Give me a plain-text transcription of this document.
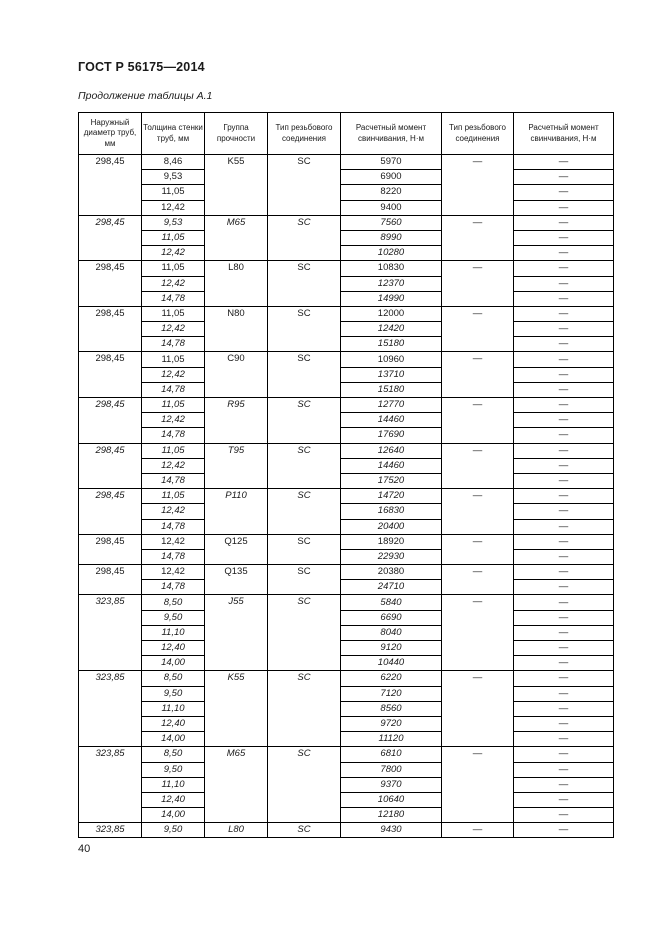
ГОСТ Р 56175—2014
Продолжение таблицы А.1
Наружный диаметр труб, мм	Толщина стенки труб, мм	Группа прочности	Тип резьбового соединения	Расчетный момент свинчивания, Н·м	Тип резьбового соединения	Расчетный момент свинчивания, Н·м
298,45	8,46	K55	SC	5970	—	—
	9,53			6900		—
	11,05			8220		—
	12,42			9400		—
298,45	9,53	M65	SC	7560	—	—
	11,05			8990		—
	12,42			10280		—
298,45	11,05	L80	SC	10830	—	—
	12,42			12370		—
	14,78			14990		—
298,45	11,05	N80	SC	12000	—	—
	12,42			12420		—
	14,78			15180		—
298,45	11,05	C90	SC	10960	—	—
	12,42			13710		—
	14,78			15180		—
298,45	11,05	R95	SC	12770	—	—
	12,42			14460		—
	14,78			17690		—
298,45	11,05	T95	SC	12640	—	—
	12,42			14460		—
	14,78			17520		—
298,45	11,05	P110	SC	14720	—	—
	12,42			16830		—
	14,78			20400		—
298,45	12,42	Q125	SC	18920	—	—
	14,78			22930		—
298,45	12,42	Q135	SC	20380	—	—
	14,78			24710		—
323,85	8,50	J55	SC	5840	—	—
	9,50			6690		—
	11,10			8040		—
	12,40			9120		—
	14,00			10440		—
323,85	8,50	K55	SC	6220	—	—
	9,50			7120		—
	11,10			8560		—
	12,40			9720		—
	14,00			11120		—
323,85	8,50	M65	SC	6810	—	—
	9,50			7800		—
	11,10			9370		—
	12,40			10640		—
	14,00			12180		—
323,85	9,50	L80	SC	9430	—	—
40
